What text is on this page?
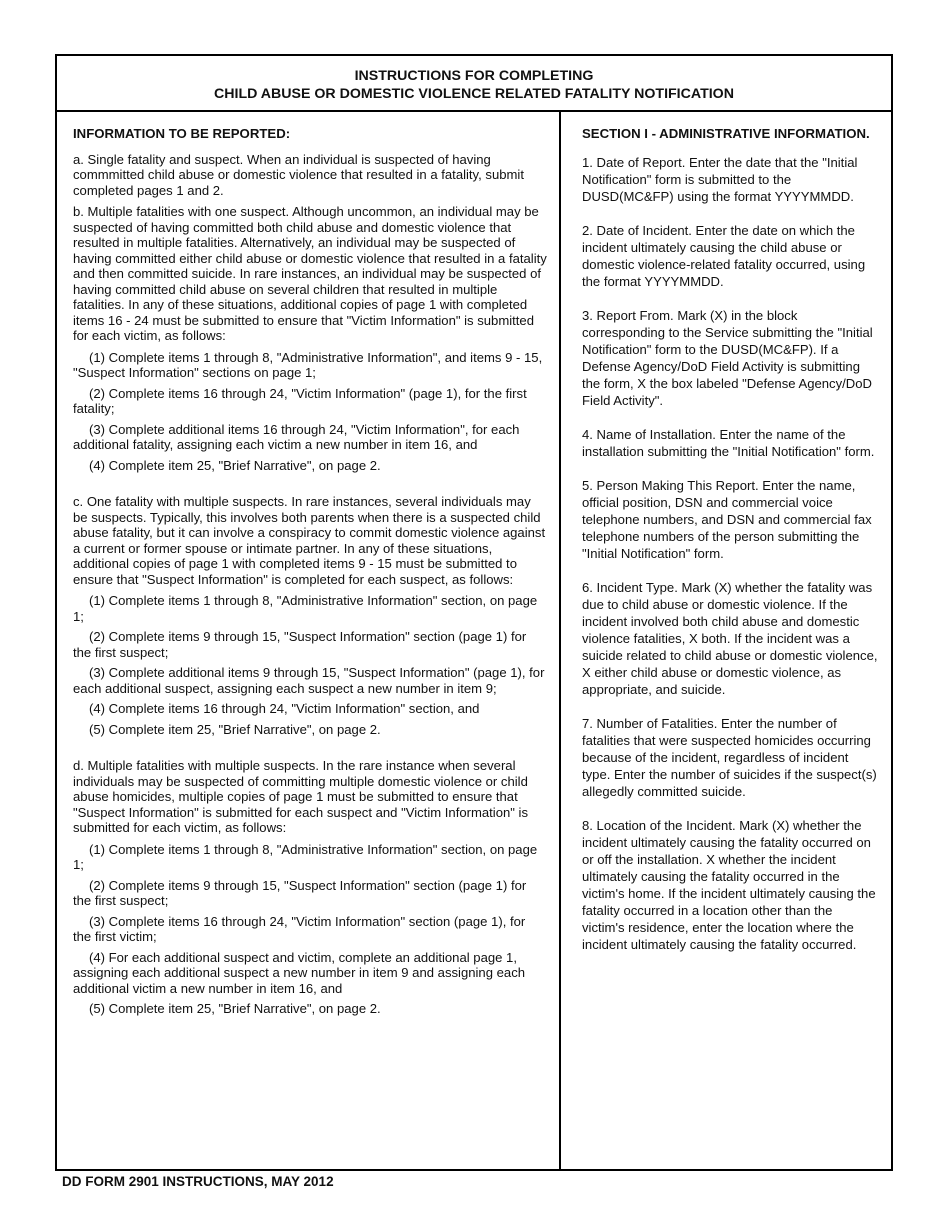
INSTRUCTIONS FOR COMPLETING
CHILD ABUSE OR DOMESTIC VIOLENCE RELATED FATALITY NOTIFICATION

INFORMATION TO BE REPORTED:

a. Single fatality and suspect. When an individual is suspected of having commmitted child abuse or domestic violence that resulted in a fatality, submit completed pages 1 and 2.

b. Multiple fatalities with one suspect. Although uncommon, an individual may be suspected of having committed both child abuse and domestic violence that resulted in multiple fatalities. Alternatively, an individual may be suspected of having committed either child abuse or domestic violence that resulted in a fatality and then committed suicide. In rare instances, an individual may be suspected of having committed child abuse on several children that resulted in multiple fatalities. In any of these situations, additional copies of page 1 with completed items 16 - 24 must be submitted to ensure that "Victim Information" is submitted for each victim, as follows:

(1) Complete items 1 through 8, "Administrative Information", and items 9 - 15, "Suspect Information" sections on page 1;

(2) Complete items 16 through 24, "Victim Information" (page 1), for the first fatality;

(3) Complete additional items 16 through 24, "Victim Information", for each additional fatality, assigning each victim a new number in item 16, and

(4) Complete item 25, "Brief Narrative", on page 2.

c. One fatality with multiple suspects. In rare instances, several individuals may be suspects. Typically, this involves both parents when there is a suspected child abuse fatality, but it can involve a conspiracy to commit domestic violence against a current or former spouse or intimate partner. In any of these situations, additional copies of page 1 with completed items 9 - 15 must be submitted to ensure that "Suspect Information" is completed for each suspect, as follows:

(1) Complete items 1 through 8, "Administrative Information" section, on page 1;

(2) Complete items 9 through 15, "Suspect Information" section (page 1) for the first suspect;

(3) Complete additional items 9 through 15, "Suspect Information" (page 1), for each additional suspect, assigning each suspect a new number in item 9;

(4) Complete items 16 through 24, "Victim Information" section, and

(5) Complete item 25, "Brief Narrative", on page 2.

d. Multiple fatalities with multiple suspects. In the rare instance when several individuals may be suspected of committing multiple domestic violence or child abuse homicides, multiple copies of page 1 must be submitted to ensure that "Suspect Information" is submitted for each suspect and "Victim Information" is submitted for each victim, as follows:

(1) Complete items 1 through 8, "Administrative Information" section, on page 1;

(2) Complete items 9 through 15, "Suspect Information" section (page 1) for the first suspect;

(3) Complete items 16 through 24, "Victim Information" section (page 1), for the first victim;

(4) For each additional suspect and victim, complete an additional page 1, assigning each additional suspect a new number in item 9 and assigning each additional victim a new number in item 16, and

(5) Complete item 25, "Brief Narrative", on page 2.

SECTION I - ADMINISTRATIVE INFORMATION.

1. Date of Report. Enter the date that the "Initial Notification" form is submitted to the DUSD(MC&FP) using the format YYYYMMDD.

2. Date of Incident. Enter the date on which the incident ultimately causing the child abuse or domestic violence-related fatality occurred, using the format YYYYMMDD.

3. Report From. Mark (X) in the block corresponding to the Service submitting the "Initial Notification" form to the DUSD(MC&FP). If a Defense Agency/DoD Field Activity is submitting the form, X the box labeled "Defense Agency/DoD Field Activity".

4. Name of Installation. Enter the name of the installation submitting the "Initial Notification" form.

5. Person Making This Report. Enter the name, official position, DSN and commercial voice telephone numbers, and DSN and commercial fax telephone numbers of the person submitting the "Initial Notification" form.

6. Incident Type. Mark (X) whether the fatality was due to child abuse or domestic violence. If the incident involved both child abuse and domestic violence fatalities, X both. If the incident was a suicide related to child abuse or domestic violence, X either child abuse or domestic violence, as appropriate, and suicide.

7. Number of Fatalities. Enter the number of fatalities that were suspected homicides occurring because of the incident, regardless of incident type. Enter the number of suicides if the suspect(s) allegedly committed suicide.

8. Location of the Incident. Mark (X) whether the incident ultimately causing the fatality occurred on or off the installation. X whether the incident ultimately causing the fatality occurred in the victim's home. If the incident ultimately causing the fatality occurred in a location other than the victim's residence, enter the location where the incident ultimately causing the fatality occurred.

DD FORM 2901 INSTRUCTIONS, MAY 2012
